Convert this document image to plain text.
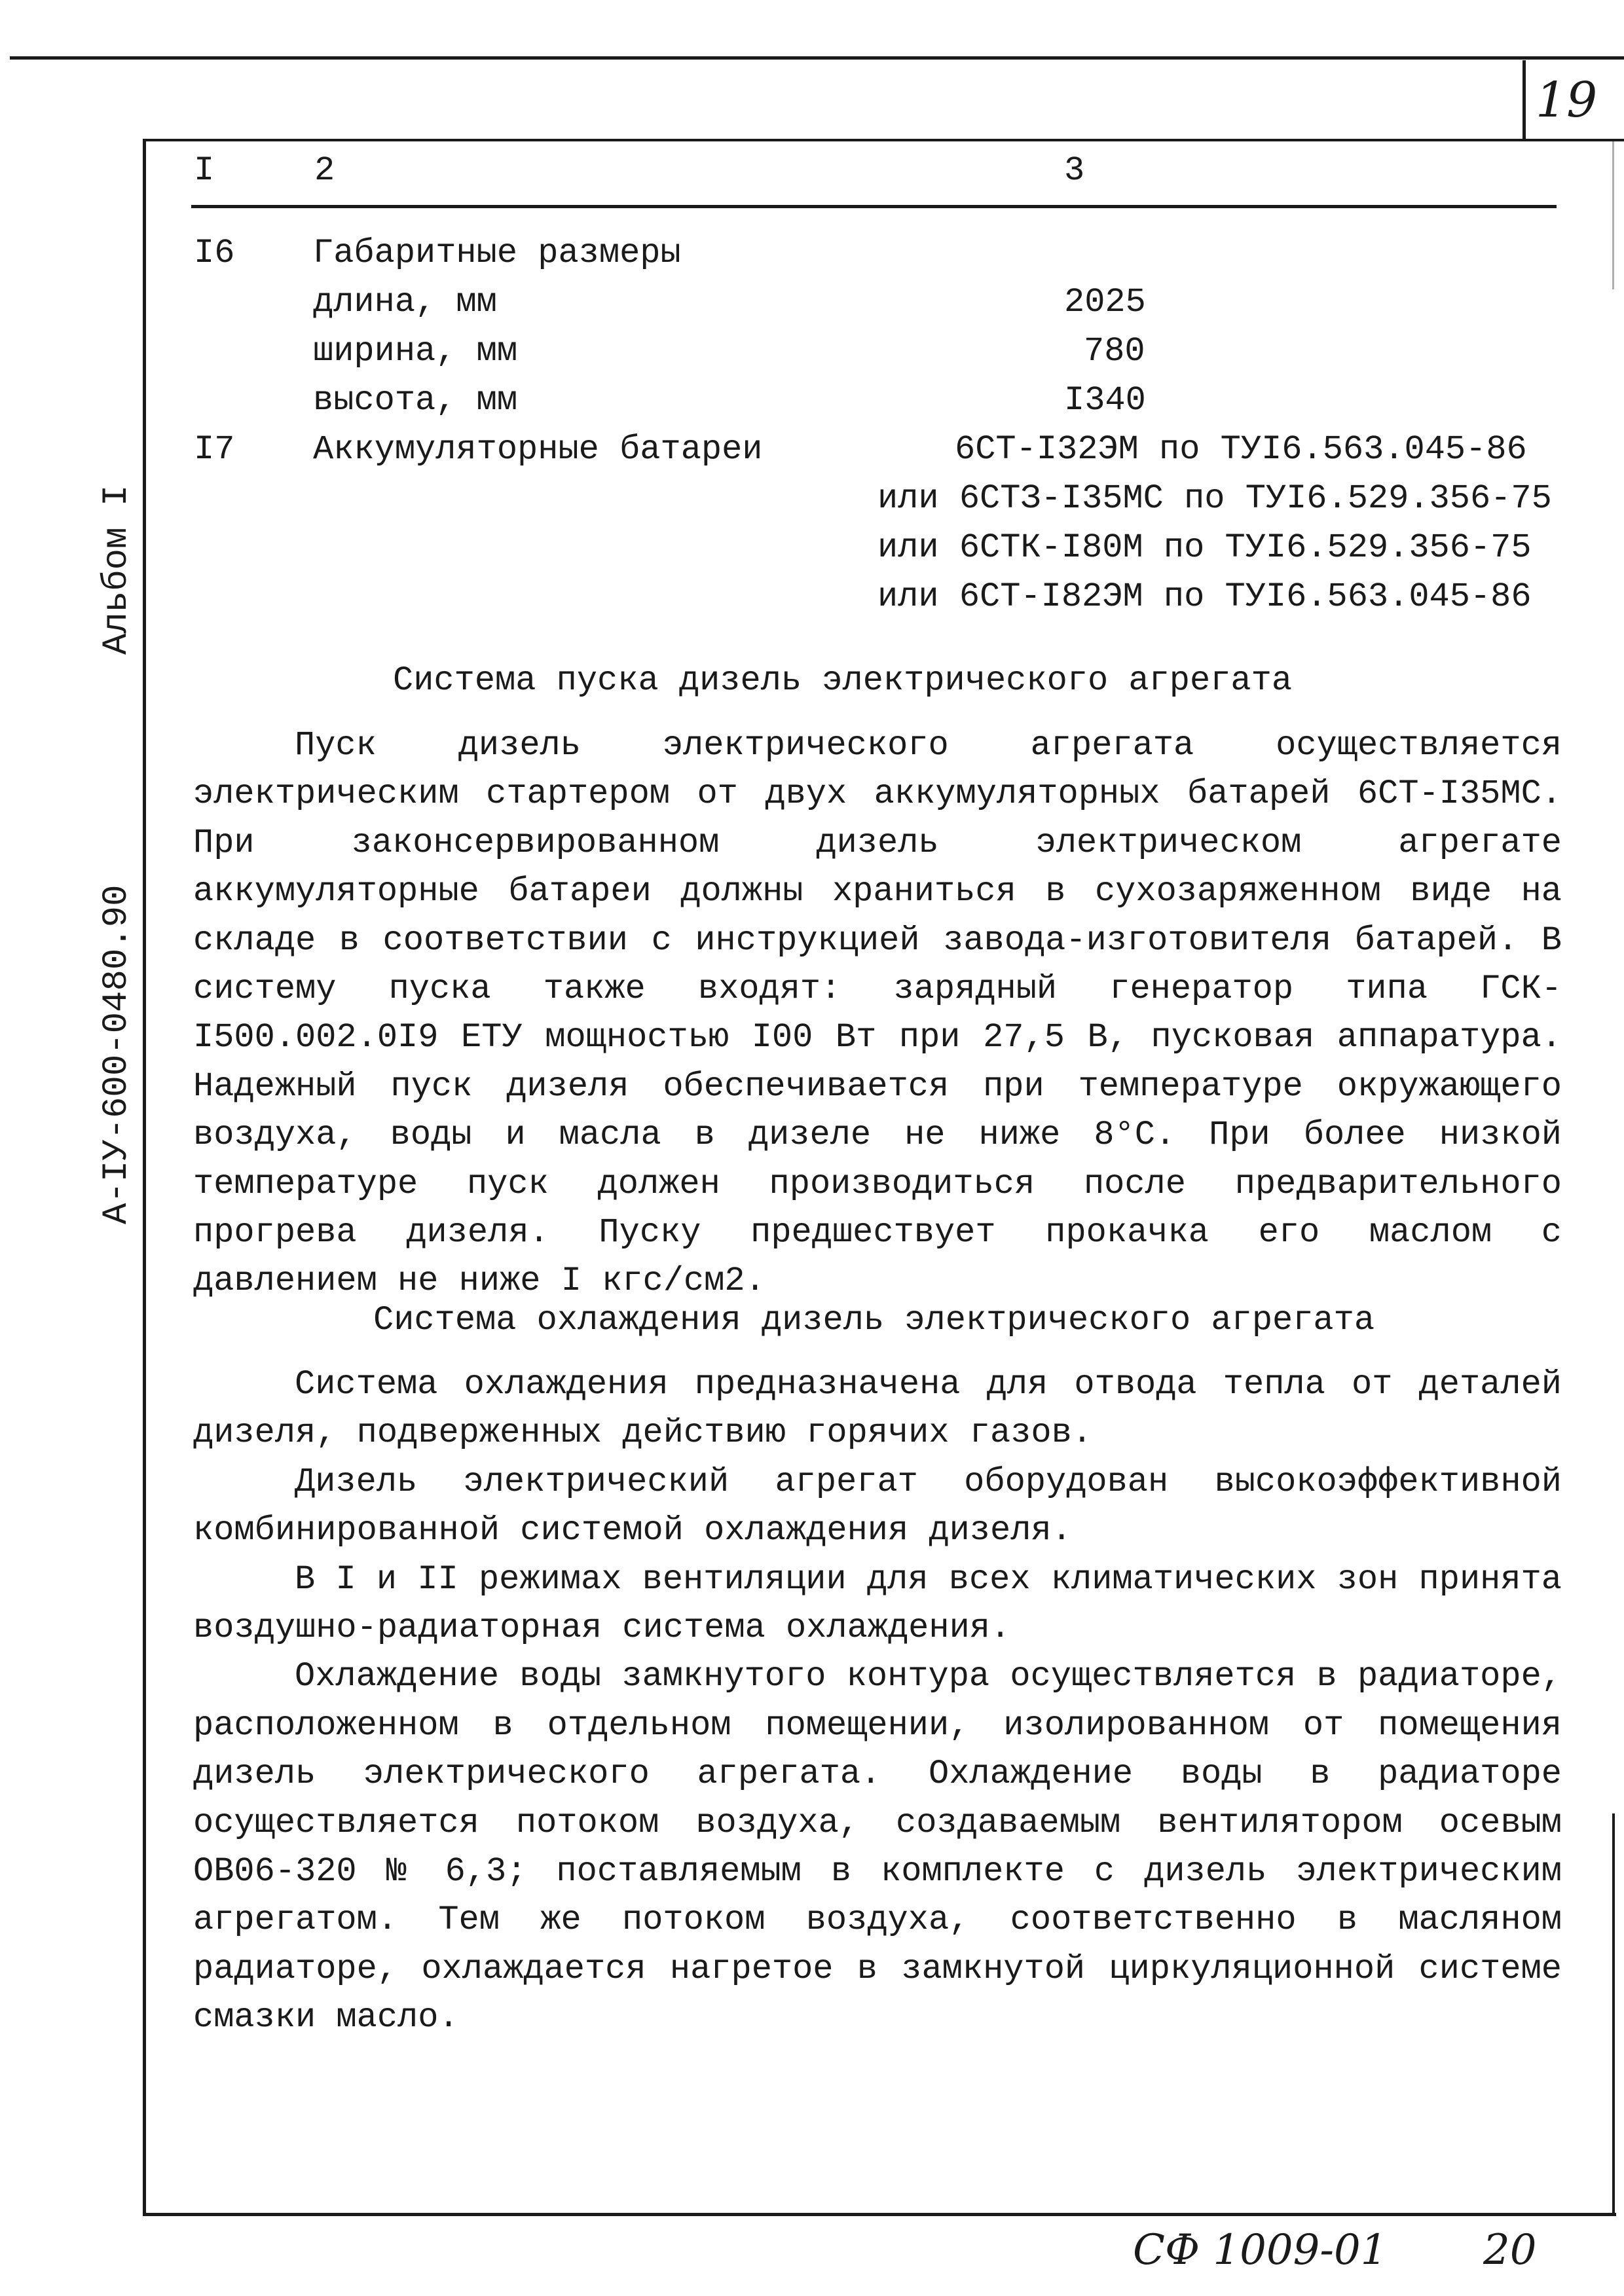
19
Альбом I
А-IУ-600-0480.90
I	2	3
I6 Габаритные размеры
длина, мм	2025
ширина, мм	780
высота, мм	I340
I7 Аккумуляторные батареи	6СТ-I32ЭМ по ТУI6.563.045-86
или 6СТЗ-I35МС по ТУI6.529.356-75
или 6СТК-I80М по ТУI6.529.356-75
или 6СТ-I82ЭМ по ТУI6.563.045-86
Система пуска дизель электрического агрегата

Пуск дизель электрического агрегата осуществляется электрическим стартером от двух аккумуляторных батарей 6СТ-I35МС. При законсервированном дизель электрическом агрегате аккумуляторные батареи должны храниться в сухозаряженном виде на складе в соответствии с инструкцией завода-изготовителя батарей. В систему пуска также входят: зарядный генератор типа ГСК-I500.002.0I9 ЕТУ мощностью I00 Вт при 27,5 В, пусковая аппаратура. Надежный пуск дизеля обеспечивается при температуре окружающего воздуха, воды и масла в дизеле не ниже 8°С. При более низкой температуре пуск должен производиться после предварительного прогрева дизеля. Пуску предшествует прокачка его маслом с давлением не ниже I кгс/см2.

Система охлаждения дизель электрического агрегата

Система охлаждения предназначена для отвода тепла от деталей дизеля, подверженных действию горячих газов.

Дизель электрический агрегат оборудован высокоэффективной комбинированной системой охлаждения дизеля.

В I и II режимах вентиляции для всех климатических зон принята воздушно-радиаторная система охлаждения.

Охлаждение воды замкнутого контура осуществляется в радиаторе, расположенном в отдельном помещении, изолированном от помещения дизель электрического агрегата. Охлаждение воды в радиаторе осуществляется потоком воздуха, создаваемым вентилятором осевым ОВ06-320 № 6,3; поставляемым в комплекте с дизель электрическим агрегатом. Тем же потоком воздуха, соответственно в масляном радиаторе, охлаждается нагретое в замкнутой циркуляционной системе смазки масло.

СФ 1009-01 20
